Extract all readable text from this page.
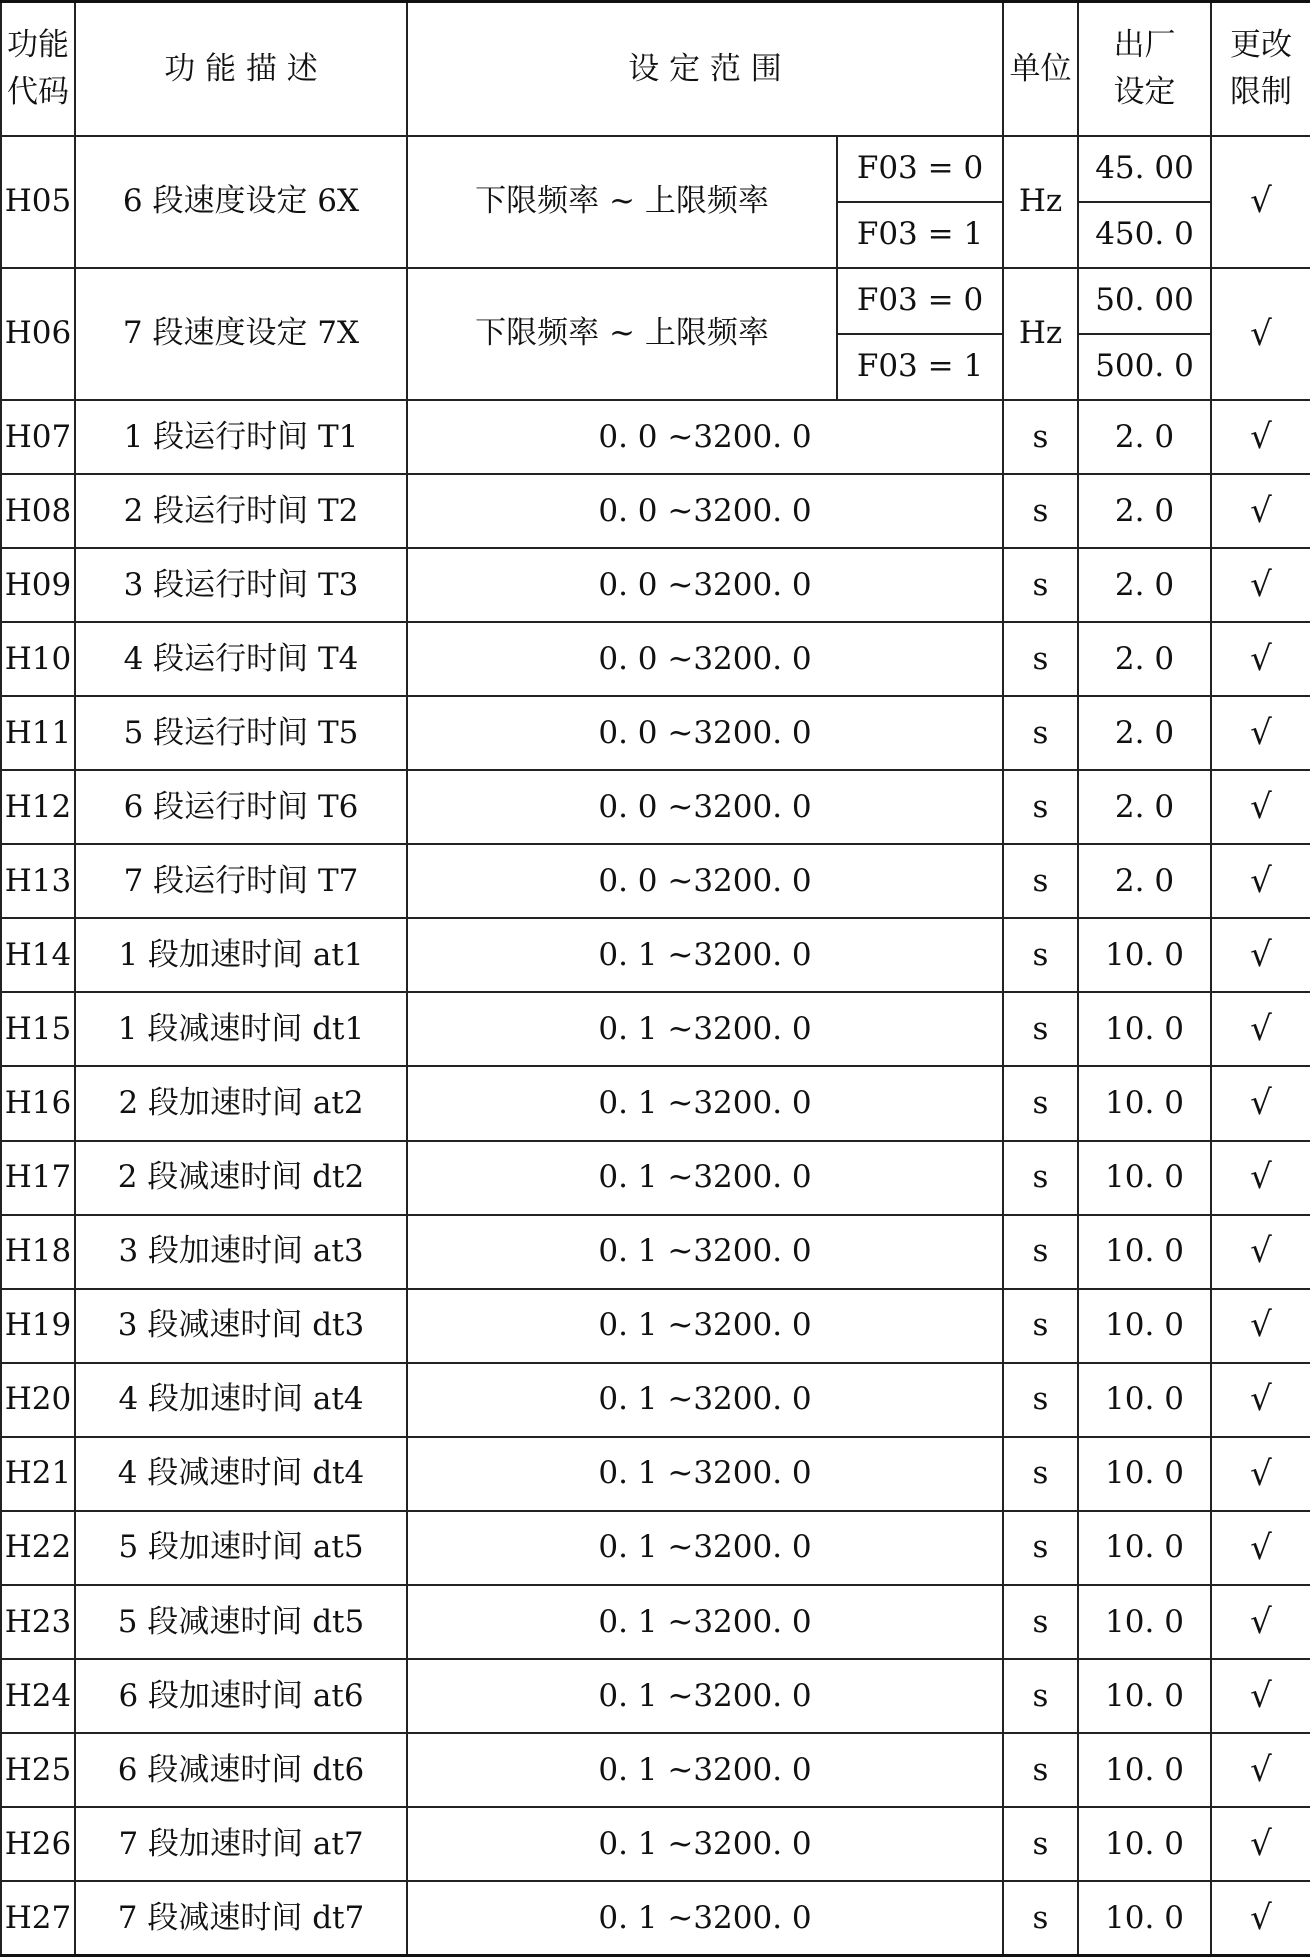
功能代码	功 能 描 述	设 定 范 围		单位	出厂设定	更改限制
H05	6 段速度设定 6X	下限频率 ~ 上限频率	F03 = 0	Hz	45. 00	√
			F03 = 1		450. 0	
H06	7 段速度设定 7X	下限频率 ~ 上限频率	F03 = 0	Hz	50. 00	√
			F03 = 1		500. 0	
H07	1 段运行时间 T1	0. 0 ~3200. 0		s	2. 0	√
H08	2 段运行时间 T2	0. 0 ~3200. 0		s	2. 0	√
H09	3 段运行时间 T3	0. 0 ~3200. 0		s	2. 0	√
H10	4 段运行时间 T4	0. 0 ~3200. 0		s	2. 0	√
H11	5 段运行时间 T5	0. 0 ~3200. 0		s	2. 0	√
H12	6 段运行时间 T6	0. 0 ~3200. 0		s	2. 0	√
H13	7 段运行时间 T7	0. 0 ~3200. 0		s	2. 0	√
H14	1 段加速时间 at1	0. 1 ~3200. 0		s	10. 0	√
H15	1 段减速时间 dt1	0. 1 ~3200. 0		s	10. 0	√
H16	2 段加速时间 at2	0. 1 ~3200. 0		s	10. 0	√
H17	2 段减速时间 dt2	0. 1 ~3200. 0		s	10. 0	√
H18	3 段加速时间 at3	0. 1 ~3200. 0		s	10. 0	√
H19	3 段减速时间 dt3	0. 1 ~3200. 0		s	10. 0	√
H20	4 段加速时间 at4	0. 1 ~3200. 0		s	10. 0	√
H21	4 段减速时间 dt4	0. 1 ~3200. 0		s	10. 0	√
H22	5 段加速时间 at5	0. 1 ~3200. 0		s	10. 0	√
H23	5 段减速时间 dt5	0. 1 ~3200. 0		s	10. 0	√
H24	6 段加速时间 at6	0. 1 ~3200. 0		s	10. 0	√
H25	6 段减速时间 dt6	0. 1 ~3200. 0		s	10. 0	√
H26	7 段加速时间 at7	0. 1 ~3200. 0		s	10. 0	√
H27	7 段减速时间 dt7	0. 1 ~3200. 0		s	10. 0	√
